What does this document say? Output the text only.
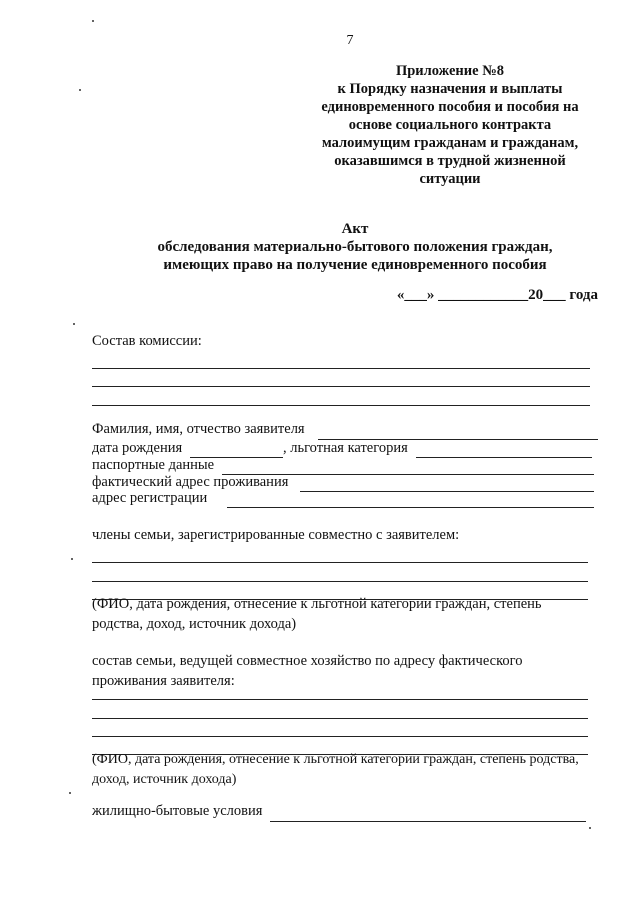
7
Приложение №8
к Порядку назначения и выплаты
единовременного пособия и пособия на
основе социального контракта
малоимущим гражданам и гражданам,
оказавшимся в трудной жизненной
ситуации
Акт
обследования материально-бытового положения граждан,
имеющих право на получение единовременного пособия
«___» ____________20___ года
Состав комиссии:
Фамилия, имя, отчество заявителя
дата рождения	, льготная категория
паспортные данные
фактический адрес проживания
адрес регистрации
члены семьи, зарегистрированные совместно с заявителем:
(ФИО, дата рождения, отнесение к льготной категории граждан, степень
родства, доход, источник дохода)
состав семьи, ведущей совместное хозяйство по адресу фактического
проживания заявителя:
(ФИО, дата рождения, отнесение к льготной категории граждан, степень родства,
доход, источник дохода)
жилищно-бытовые условия
